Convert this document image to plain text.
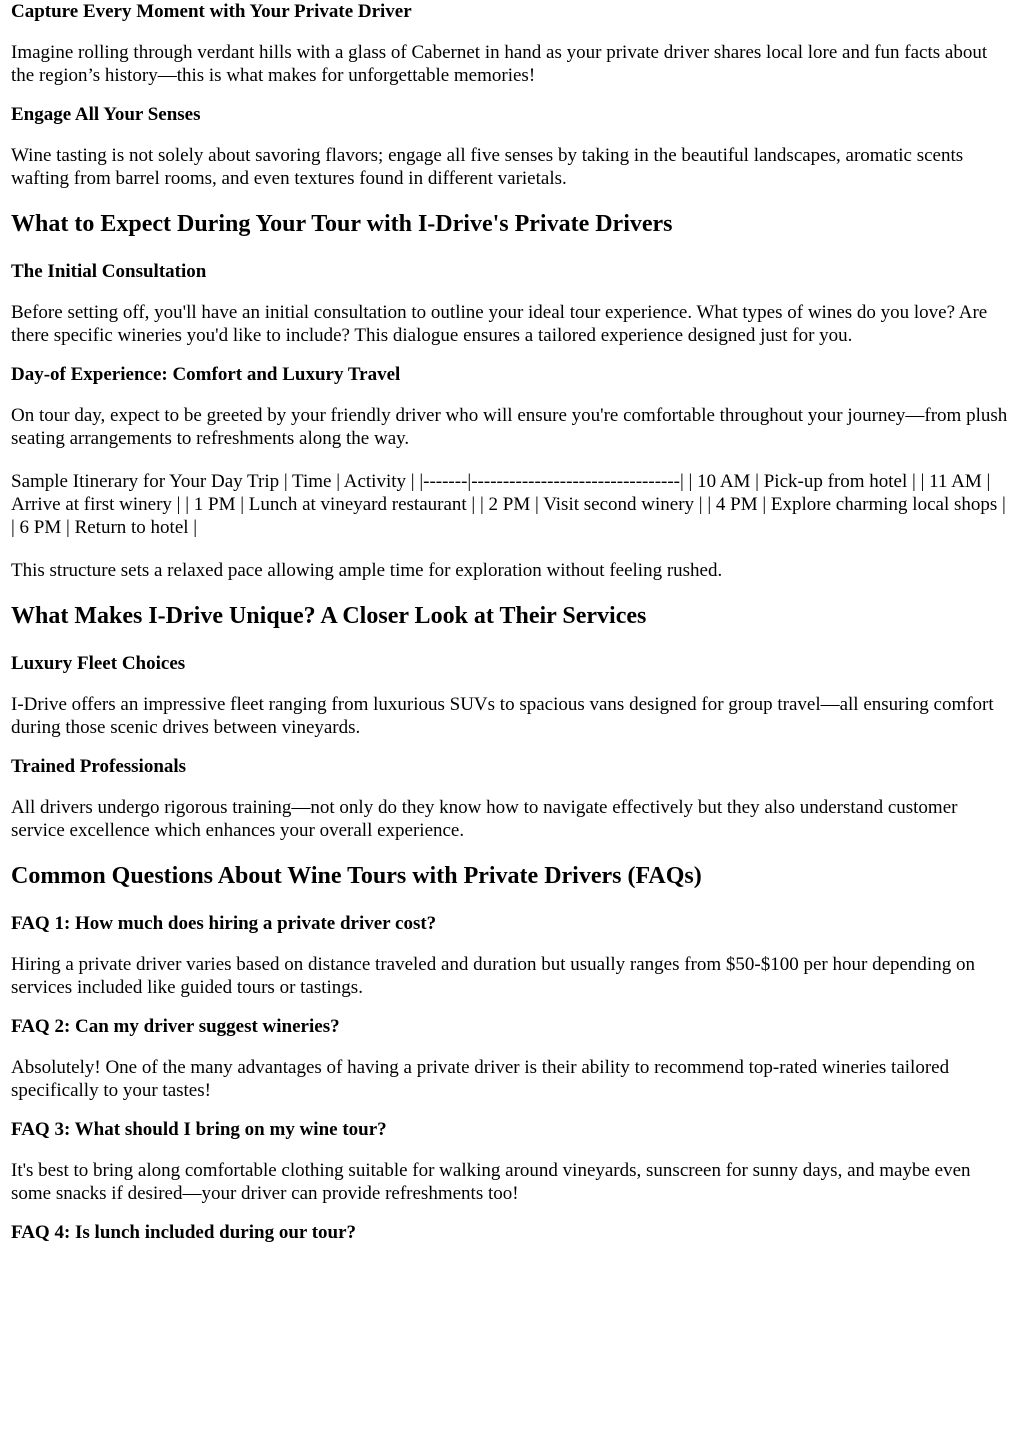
Capture Every Moment with Your Private Driver

Imagine rolling through verdant hills with a glass of Cabernet in hand as your private driver shares local lore and fun facts about the region’s history—this is what makes for unforgettable memories!

Engage All Your Senses

Wine tasting is not solely about savoring flavors; engage all five senses by taking in the beautiful landscapes, aromatic scents wafting from barrel rooms, and even textures found in different varietals.

What to Expect During Your Tour with I-Drive's Private Drivers
The Initial Consultation

Before setting off, you'll have an initial consultation to outline your ideal tour experience. What types of wines do you love? Are there specific wineries you'd like to include? This dialogue ensures a tailored experience designed just for you.

Day-of Experience: Comfort and Luxury Travel

On tour day, expect to be greeted by your friendly driver who will ensure you're comfortable throughout your journey—from plush seating arrangements to refreshments along the way.

Sample Itinerary for Your Day Trip | Time | Activity | |-------|---------------------------------| | 10 AM | Pick-up from hotel | | 11 AM | Arrive at first winery | | 1 PM | Lunch at vineyard restaurant | | 2 PM | Visit second winery | | 4 PM | Explore charming local shops | | 6 PM | Return to hotel |

This structure sets a relaxed pace allowing ample time for exploration without feeling rushed.

What Makes I-Drive Unique? A Closer Look at Their Services
Luxury Fleet Choices

I-Drive offers an impressive fleet ranging from luxurious SUVs to spacious vans designed for group travel—all ensuring comfort during those scenic drives between vineyards.

Trained Professionals

All drivers undergo rigorous training—not only do they know how to navigate effectively but they also understand customer service excellence which enhances your overall experience.

Common Questions About Wine Tours with Private Drivers (FAQs)
FAQ 1: How much does hiring a private driver cost?

Hiring a private driver varies based on distance traveled and duration but usually ranges from $50-$100 per hour depending on services included like guided tours or tastings.

FAQ 2: Can my driver suggest wineries?

Absolutely! One of the many advantages of having a private driver is their ability to recommend top-rated wineries tailored specifically to your tastes!

FAQ 3: What should I bring on my wine tour?

It's best to bring along comfortable clothing suitable for walking around vineyards, sunscreen for sunny days, and maybe even some snacks if desired—your driver can provide refreshments too!

FAQ 4: Is lunch included during our tour?
